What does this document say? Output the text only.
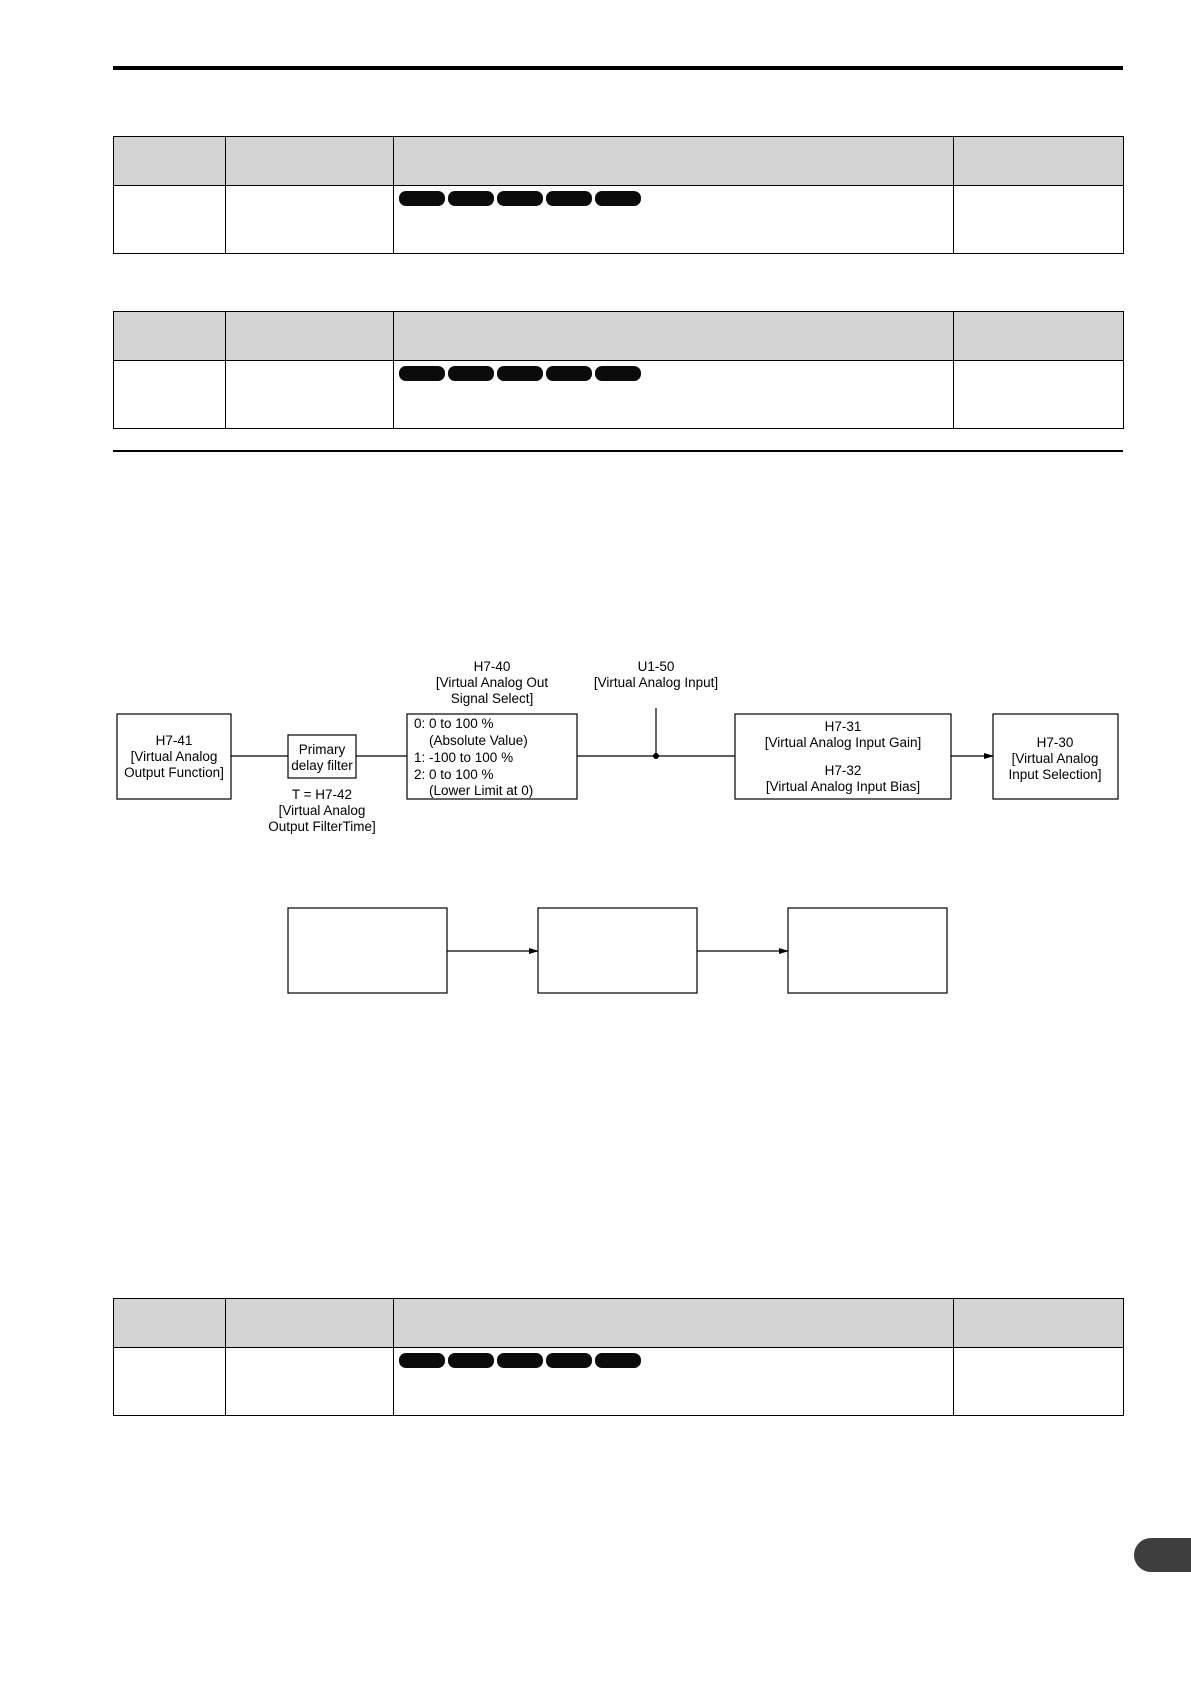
H7-41
[Virtual Analog
Output Function]
Primary
delay filter
T = H7-42
[Virtual Analog
Output FilterTime]
H7-40
[Virtual Analog Out
Signal Select]
0: 0 to 100 %
(Absolute Value)
1: -100 to 100 %
2: 0 to 100 %
(Lower Limit at 0)
U1-50
[Virtual Analog Input]
H7-31
[Virtual Analog Input Gain]
H7-32
[Virtual Analog Input Bias]
H7-30
[Virtual Analog
Input Selection]
